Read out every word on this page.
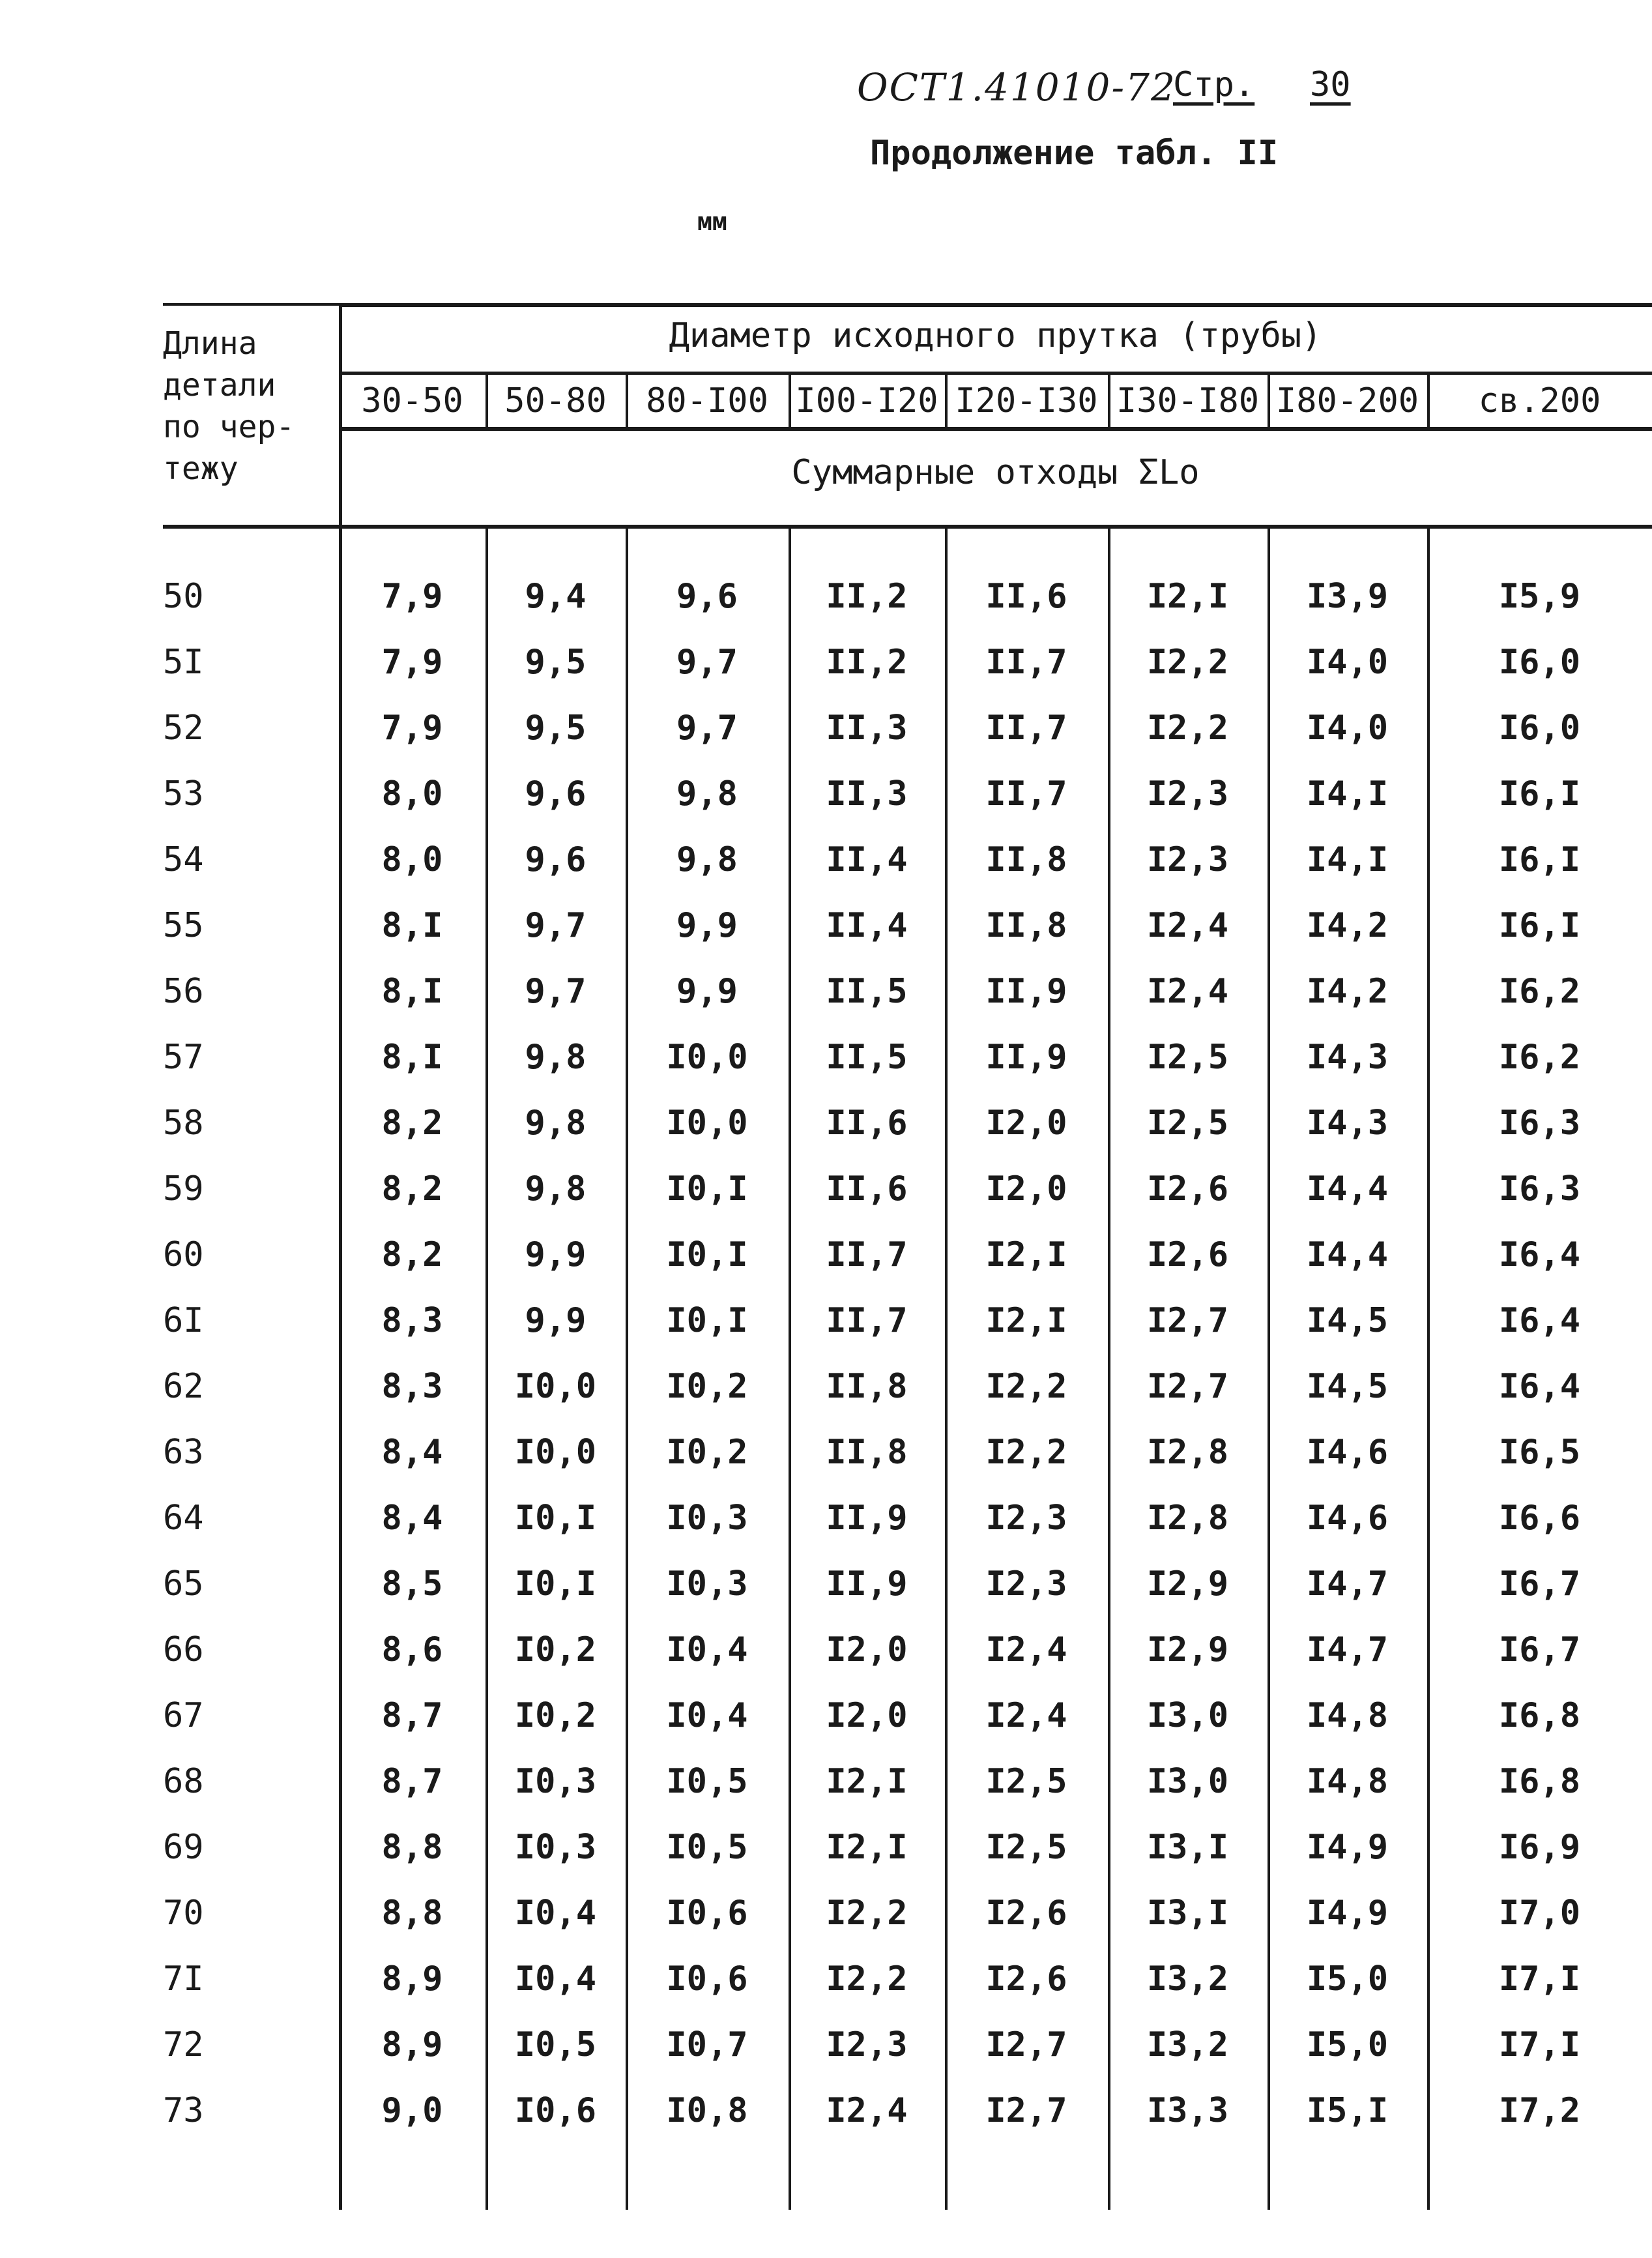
ОСТ1.41010-72
Стр. 30
Продолжение табл. II
мм
Длина
детали
по чер-
тежу
Диаметр исходного прутка (трубы)
Суммарные отходы ΣLo
30-50	50-80	80-I00 I00-I20 I20-I30 I30-I80 I80-200	св.200
50	7,9	9,4	9,6	II,2	II,6	I2,I	I3,9	I5,9
5I	7,9	9,5	9,7	II,2	II,7	I2,2	I4,0	I6,0
52	7,9	9,5	9,7	II,3	II,7	I2,2	I4,0	I6,0
53	8,0	9,6	9,8	II,3	II,7	I2,3	I4,I	I6,I
54	8,0	9,6	9,8	II,4	II,8	I2,3	I4,I	I6,I
55	8,I	9,7	9,9	II,4	II,8	I2,4	I4,2	I6,I
56	8,I	9,7	9,9	II,5	II,9	I2,4	I4,2	I6,2
57	8,I	9,8	I0,0	II,5	II,9	I2,5	I4,3	I6,2
58	8,2	9,8	I0,0	II,6	I2,0	I2,5	I4,3	I6,3
59	8,2	9,8	I0,I	II,6	I2,0	I2,6	I4,4	I6,3
60	8,2	9,9	I0,I	II,7	I2,I	I2,6	I4,4	I6,4
6I	8,3	9,9	I0,I	II,7	I2,I	I2,7	I4,5	I6,4
62	8,3	I0,0	I0,2	II,8	I2,2	I2,7	I4,5	I6,4
63	8,4	I0,0	I0,2	II,8	I2,2	I2,8	I4,6	I6,5
64	8,4	I0,I	I0,3	II,9	I2,3	I2,8	I4,6	I6,6
65	8,5	I0,I	I0,3	II,9	I2,3	I2,9	I4,7	I6,7
66	8,6	I0,2	I0,4	I2,0	I2,4	I2,9	I4,7	I6,7
67	8,7	I0,2	I0,4	I2,0	I2,4	I3,0	I4,8	I6,8
68	8,7	I0,3	I0,5	I2,I	I2,5	I3,0	I4,8	I6,8
69	8,8	I0,3	I0,5	I2,I	I2,5	I3,I	I4,9	I6,9
70	8,8	I0,4	I0,6	I2,2	I2,6	I3,I	I4,9	I7,0
7I	8,9	I0,4	I0,6	I2,2	I2,6	I3,2	I5,0	I7,I
72	8,9	I0,5	I0,7	I2,3	I2,7	I3,2	I5,0	I7,I
73	9,0	I0,6	I0,8	I2,4	I2,7	I3,3	I5,I	I7,2
